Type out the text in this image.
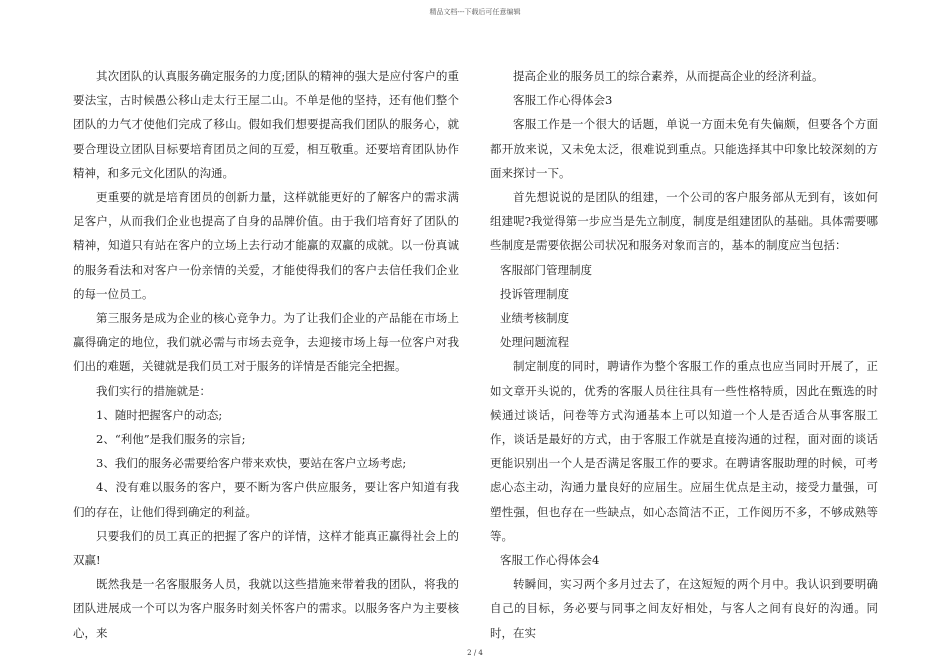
精品文档---下载后可任意编辑

其次团队的认真服务确定服务的力度;团队的精神的强大是应付客户的重要法宝，古时候愚公移山走太行王屋二山。不单是他的坚持，还有他们整个团队的力气才使他们完成了移山。假如我们想要提高我们团队的服务心，就要合理设立团队目标要培育团员之间的互爱，相互敬重。还要培育团队协作精神，和多元文化团队的沟通。

更重要的就是培育团员的创新力量，这样就能更好的了解客户的需求满足客户，从而我们企业也提高了自身的品牌价值。由于我们培育好了团队的精神，知道只有站在客户的立场上去行动才能赢的双赢的成就。以一份真诚的服务看法和对客户一份亲情的关爱，才能使得我们的客户去信任我们企业的每一位员工。

第三服务是成为企业的核心竞争力。为了让我们企业的产品能在市场上赢得确定的地位，我们就必需与市场去竞争，去迎接市场上每一位客户对我们出的难题，关键就是我们员工对于服务的详情是否能完全把握。

我们实行的措施就是：

1、随时把握客户的动态;

2、“利他”是我们服务的宗旨;

3、我们的服务必需要给客户带来欢快，要站在客户立场考虑;

4、没有难以服务的客户，要不断为客户供应服务，要让客户知道有我们的存在，让他们得到确定的利益。

只要我们的员工真正的把握了客户的详情，这样才能真正赢得社会上的双赢!

既然我是一名客服服务人员，我就以这些措施来带着我的团队，将我的团队进展成一个可以为客户服务时刻关怀客户的需求。以服务客户为主要核心，来

提高企业的服务员工的综合素养，从而提高企业的经济利益。

客服工作心得体会3

客服工作是一个很大的话题，单说一方面未免有失偏颇，但要各个方面都开放来说，又未免太泛，很难说到重点。只能选择其中印象比较深刻的方面来探讨一下。

首先想说说的是团队的组建，一个公司的客户服务部从无到有，该如何组建呢?我觉得第一步应当是先立制度，制度是组建团队的基础。具体需要哪些制度是需要依据公司状况和服务对象而言的，基本的制度应当包括：

客服部门管理制度

投诉管理制度

业绩考核制度

处理问题流程

制定制度的同时，聘请作为整个客服工作的重点也应当同时开展了，正如文章开头说的，优秀的客服人员往往具有一些性格特质，因此在甄选的时候通过谈话，问卷等方式沟通基本上可以知道一个人是否适合从事客服工作，谈话是最好的方式，由于客服工作就是直接沟通的过程，面对面的谈话更能识别出一个人是否满足客服工作的要求。在聘请客服助理的时候，可考虑心态主动，沟通力量良好的应届生。应届生优点是主动，接受力量强，可塑性强，但也存在一些缺点，如心态简洁不正，工作阅历不多，不够成熟等等。

客服工作心得体会4

转瞬间，实习两个多月过去了，在这短短的两个月中。我认识到要明确自己的目标，务必要与同事之间友好相处，与客人之间有良好的沟通。同时，在实

2 / 4
